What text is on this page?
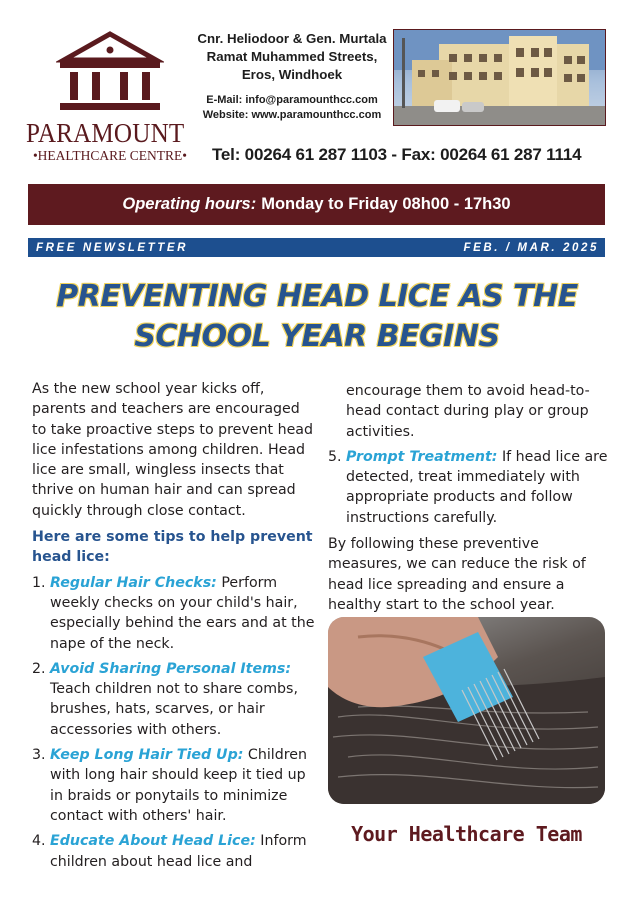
PARAMOUNT
•HEALTHCARE CENTRE•
Cnr. Heliodoor & Gen. Murtala
Ramat Muhammed Streets,
Eros, Windhoek
E-Mail: info@paramounthcc.com
Website: www.paramounthcc.com
Tel: 00264 61 287 1103 - Fax: 00264 61 287 1114
Operating hours: Monday to Friday 08h00 - 17h30
FREE NEWSLETTER	FEB. / MAR. 2025
PREVENTING HEAD LICE AS THE
SCHOOL YEAR BEGINS

As the new school year kicks off, parents and teachers are encouraged to take proactive steps to prevent head lice infestations among children. Head lice are small, wingless insects that thrive on human hair and can spread quickly through close contact.

Here are some tips to help prevent head lice:

1. Regular Hair Checks: Perform weekly checks on your child's hair, especially behind the ears and at the nape of the neck.
2. Avoid Sharing Personal Items: Teach children not to share combs, brushes, hats, scarves, or hair accessories with others.
3. Keep Long Hair Tied Up: Children with long hair should keep it tied up in braids or ponytails to minimize contact with others' hair.
4. Educate About Head Lice: Inform children about head lice and

encourage them to avoid head-to-head contact during play or group activities.

5. Prompt Treatment: If head lice are detected, treat immediately with appropriate products and follow instructions carefully.

By following these preventive measures, we can reduce the risk of head lice spreading and ensure a healthy start to the school year.

Your Healthcare Team
